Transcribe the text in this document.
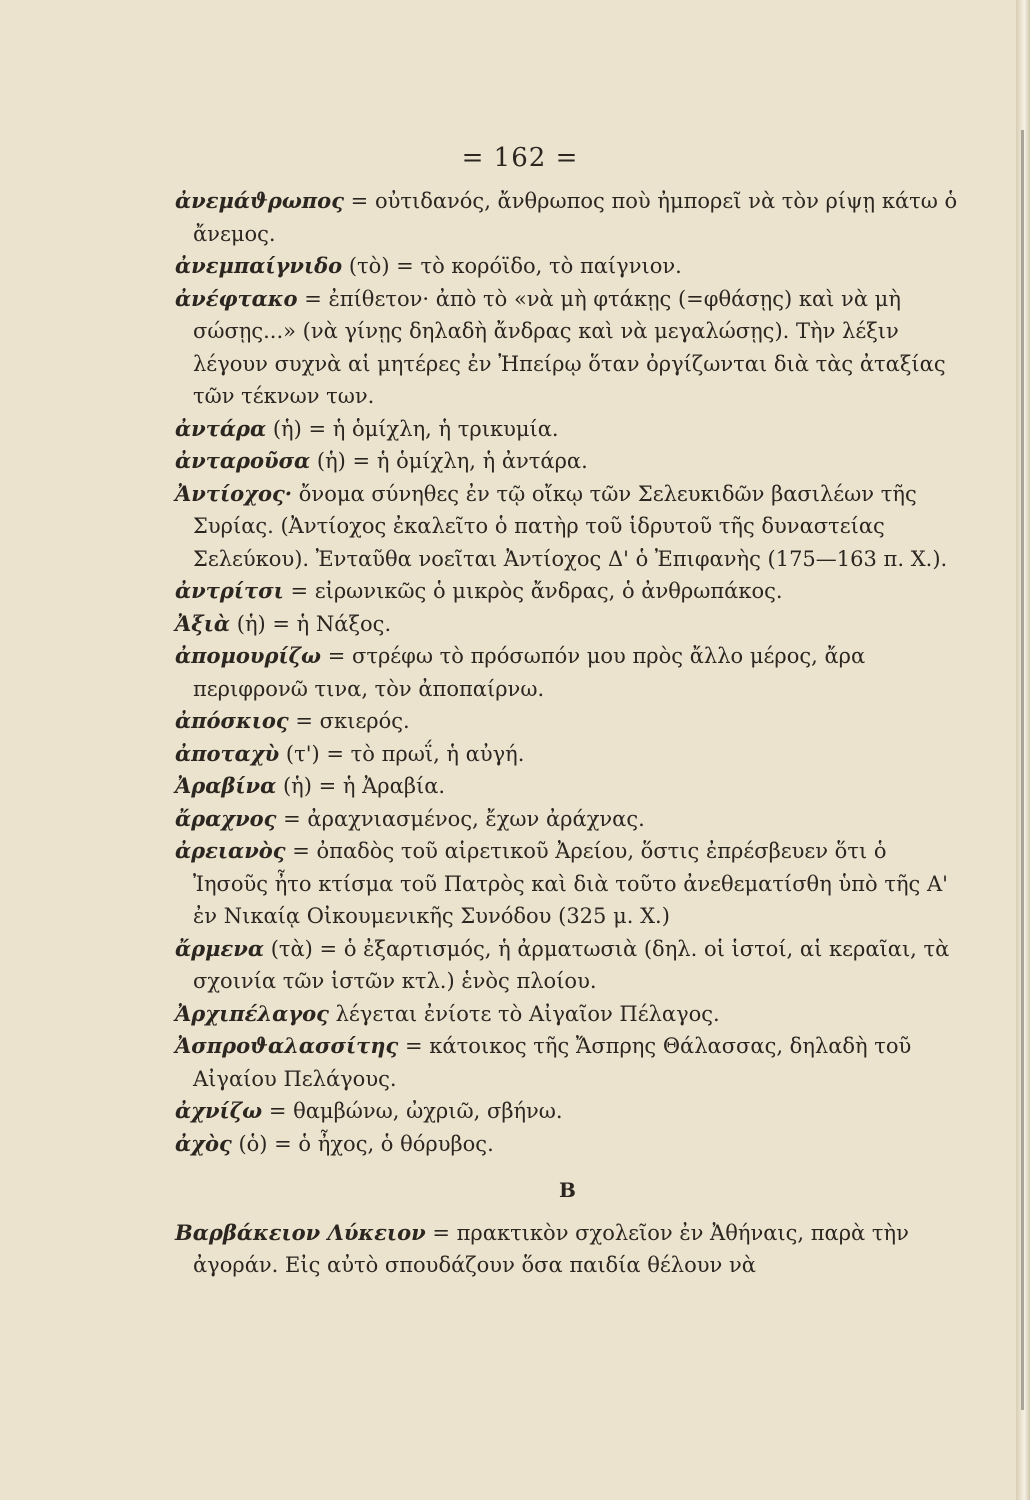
= 162 =

ἀνεμάϑρωπος = οὐτιδανός, ἄνθρωπος ποὺ ἠμπορεῖ νὰ τὸν ρίψῃ κάτω ὁ ἄνεμος.

ἀνεμπαίγνιδο (τὸ) = τὸ κορόϊδο, τὸ παίγνιον.

ἀνέφτακο = ἐπίθετον· ἀπὸ τὸ «νὰ μὴ φτάκῃς (=φθάσῃς) καὶ νὰ μὴ σώσῃς...» (νὰ γίνῃς δηλαδὴ ἄνδρας καὶ νὰ μεγαλώσῃς). Τὴν λέξιν λέγουν συχνὰ αἱ μητέρες ἐν Ἠπείρῳ ὅταν ὀργίζωνται διὰ τὰς ἀταξίας τῶν τέκνων των.

ἀντάρα (ἡ) = ἡ ὁμίχλη, ἡ τρικυμία.

ἀνταροῦσα (ἡ) = ἡ ὁμίχλη, ἡ ἀντάρα.

Ἀντίοχος· ὄνομα σύνηθες ἐν τῷ οἴκῳ τῶν Σελευκιδῶν βασιλέων τῆς Συρίας. (Ἀντίοχος ἐκαλεῖτο ὁ πατὴρ τοῦ ἱδρυτοῦ τῆς δυναστείας Σελεύκου). Ἐνταῦθα νοεῖται Ἀντίοχος Δ' ὁ Ἐπιφανὴς (175—163 π. Χ.).

ἀντρίτσι = εἰρωνικῶς ὁ μικρὸς ἄνδρας, ὁ ἀνθρωπάκος.

Ἀξιὰ (ἡ) = ἡ Νάξος.

ἀπομουρίζω = στρέφω τὸ πρόσωπόν μου πρὸς ἄλλο μέρος, ἄρα περιφρονῶ τινα, τὸν ἀποπαίρνω.

ἀπόσκιος = σκιερός.

ἀποταχὺ (τ') = τὸ πρωΐ, ἡ αὐγή.

Ἀραβίνα (ἡ) = ἡ Ἀραβία.

ἄραχνος = ἀραχνιασμένος, ἔχων ἀράχνας.

ἀρειανὸς = ὀπαδὸς τοῦ αἱρετικοῦ Ἀρείου, ὅστις ἐπρέσβευεν ὅτι ὁ Ἰησοῦς ἦτο κτίσμα τοῦ Πατρὸς καὶ διὰ τοῦτο ἀνεθεματίσθη ὑπὸ τῆς Α' ἐν Νικαίᾳ Οἰκουμενικῆς Συνόδου (325 μ. Χ.)

ἄρμενα (τὰ) = ὁ ἐξαρτισμός, ἡ ἀρματωσιὰ (δηλ. οἱ ἱστοί, αἱ κεραῖαι, τὰ σχοινία τῶν ἱστῶν κτλ.) ἑνὸς πλοίου.

Ἀρχιπέλαγος λέγεται ἐνίοτε τὸ Αἰγαῖον Πέλαγος.

Ἀσπροϑαλασσίτης = κάτοικος τῆς Ἄσπρης Θάλασσας, δηλαδὴ τοῦ Αἰγαίου Πελάγους.

ἀχνίζω = θαμβώνω, ὠχριῶ, σβήνω.

ἀχὸς (ὁ) = ὁ ἦχος, ὁ θόρυβος.

B

Βαρβάκειον Λύκειον = πρακτικὸν σχολεῖον ἐν Ἀθήναις, παρὰ τὴν ἀγοράν. Εἰς αὐτὸ σπουδάζουν ὅσα παιδία θέλουν νὰ
